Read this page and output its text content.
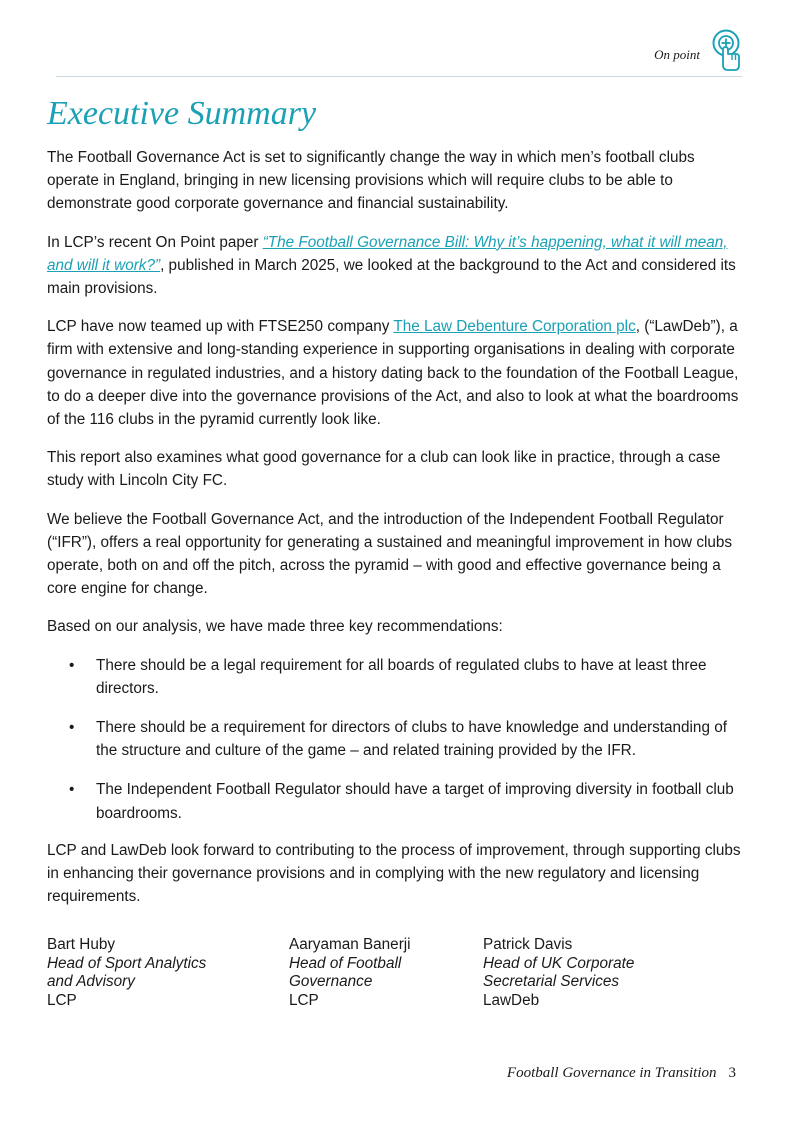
On point
Executive Summary

The Football Governance Act is set to significantly change the way in which men’s football clubs operate in England, bringing in new licensing provisions which will require clubs to be able to demonstrate good corporate governance and financial sustainability.

In LCP’s recent On Point paper “The Football Governance Bill: Why it’s happening, what it will mean, and will it work?”, published in March 2025, we looked at the background to the Act and considered its main provisions.

LCP have now teamed up with FTSE250 company The Law Debenture Corporation plc, (“LawDeb”), a firm with extensive and long-standing experience in supporting organisations in dealing with corporate governance in regulated industries, and a history dating back to the foundation of the Football League, to do a deeper dive into the governance provisions of the Act, and also to look at what the boardrooms of the 116 clubs in the pyramid currently look like.

This report also examines what good governance for a club can look like in practice, through a case study with Lincoln City FC.

We believe the Football Governance Act, and the introduction of the Independent Football Regulator (“IFR”), offers a real opportunity for generating a sustained and meaningful improvement in how clubs operate, both on and off the pitch, across the pyramid – with good and effective governance being a core engine for change.

Based on our analysis, we have made three key recommendations:

• There should be a legal requirement for all boards of regulated clubs to have at least three directors.
• There should be a requirement for directors of clubs to have knowledge and understanding of the structure and culture of the game – and related training provided by the IFR.
• The Independent Football Regulator should have a target of improving diversity in football club boardrooms.

LCP and LawDeb look forward to contributing to the process of improvement, through supporting clubs in enhancing their governance provisions and in complying with the new regulatory and licensing requirements.

Bart Huby
Head of Sport Analytics
and Advisory
LCP
Aaryaman Banerji
Head of Football
Governance
LCP
Patrick Davis
Head of UK Corporate
Secretarial Services
LawDeb
Football Governance in Transition 3
